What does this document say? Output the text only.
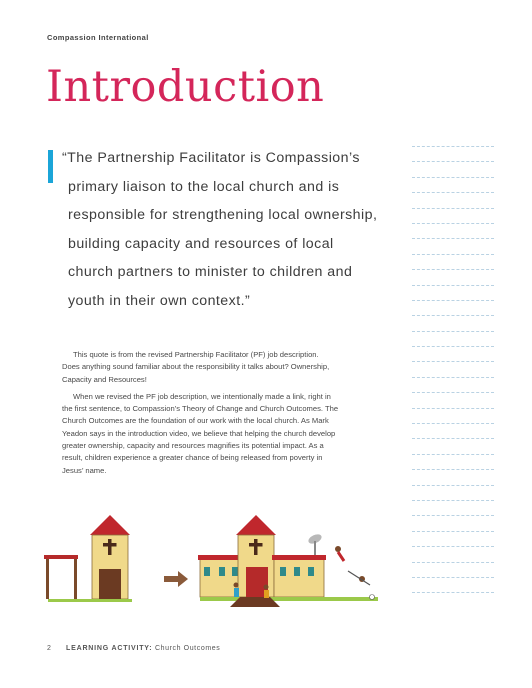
Compassion International
Introduction
“The Partnership Facilitator is Compassion’s
primary liaison to the local church and is
responsible for strengthening local ownership,
building capacity and resources of local
church partners to minister to children and
youth in their own context.”

This quote is from the revised Partnership Facilitator (PF) job description.
Does anything sound familiar about the responsibility it talks about? Ownership,
Capacity and Resources!

When we revised the PF job description, we intentionally made a link, right in
the first sentence, to Compassion’s Theory of Change and Church Outcomes. The
Church Outcomes are the foundation of our work with the local church. As Mark
Yeadon says in the introduction video, we believe that helping the church develop
greater ownership, capacity and resources magnifies its potential impact. As a
result, children experience a greater chance of being released from poverty in
Jesus’ name.

2 LEARNING ACTIVITY: Church Outcomes
